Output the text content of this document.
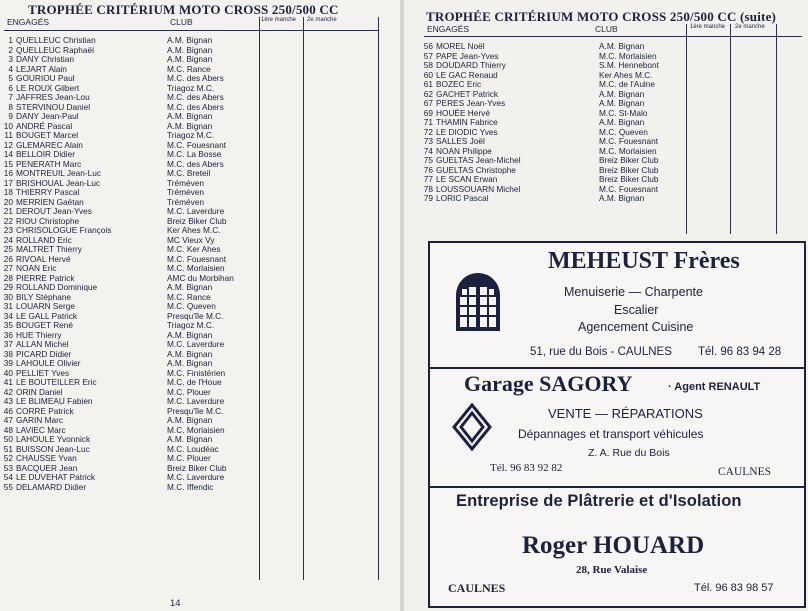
TROPHÉE CRITÉRIUM MOTO CROSS 250/500 CC
ENGAGÉS	CLUB	1ère manche 2e manche
1 QUELLEUC Christian	A.M. Bignan
2 QUELLEUC Raphaël	A.M. Bignan
3 DANY Christian	A.M. Bignan
4 LEJART Alain	M.C. Rance
5 GOURIOU Paul	M.C. des Abers
6 LE ROUX Gilbert	Triagoz M.C.
7 JAFFRES Jean-Lou	M.C. des Abers
8 STERVINOU Daniel	M.C. des Abers
9 DANY Jean-Paul	A.M. Bignan
10 ANDRÉ Pascal	A.M. Bignan
11 BOUGET Marcel	Triagoz M.C.
12 GLEMAREC Alain	M.C. Fouesnant
14 BELLOIR Didier	M.C. La Bosse
15 PENERATH Marc	M.C. des Abers
16 MONTREUIL Jean-Luc	M.C. Breteil
17 BRISHOUAL Jean-Luc	Tréméven
18 THIERRY Pascal	Tréméven
20 MERRIEN Gaëtan	Tréméven
21 DEROUT Jean-Yves	M.C. Laverdure
22 RIOU Christophe	Breiz Biker Club
23 CHRISOLOGUE François	Ker Ahes M.C.
24 ROLLAND Eric	MC Vieux Vy
25 MALTRET Thierry	M.C. Ker Ahes
26 RIVOAL Hervé	M.C. Fouesnant
27 NOAN Eric	M.C. Morlaisien
28 PIERRE Patrick	AMC du Morbihan
29 ROLLAND Dominique	A.M. Bignan
30 BILY Stéphane	M.C. Rance
31 LOUARN Serge	M.C. Queven
34 LE GALL Patrick	Presqu'île M.C.
35 BOUGET René	Triagoz M.C.
36 HUE Thierry	A.M. Bignan
37 ALLAN Michel	M.C. Laverdure
38 PICARD Didier	A.M. Bignan
39 LAHOULE Olivier	A.M. Bignan
40 PELLIET Yves	M.C. Finistérien
41 LE BOUTEILLER Eric	M.C. de l'Houe
42 ORIN Daniel	M.C. Plouer
43 LE BLIMEAU Fabien	M.C. Laverdure
46 CORRE Patrick	Presqu'île M.C.
47 GARIN Marc	A.M. Bignan
48 LAVIEC Marc	M.C. Morlaisien
50 LAHOULE Yvonnick	A.M. Bignan
51 BUISSON Jean-Luc	M.C. Loudéac
52 CHAUSSE Yvan	M.C. Plouer
53 BACQUER Jean	Breiz Biker Club
54 LE DUVEHAT Patrick	M.C. Laverdure
55 DELAMARD Didier	M.C. Iffendic
14
TROPHÉE CRITÉRIUM MOTO CROSS 250/500 CC (suite)
ENGAGÉS	CLUB	1ère manche 2e manche
56 MOREL Noël	A.M. Bignan
57 PAPE Jean-Yves	M.C. Morlaisien
58 DOUDARD Thierry	S.M. Hennebont
60 LE GAC Renaud	Ker Ahes M.C.
61 BOZEC Eric	M.C. de l'Aulne
62 GACHET Patrick	A.M. Bignan
67 PERES Jean-Yves	A.M. Bignan
69 HOUÉE Hervé	M.C. St-Malo
71 THAMIN Fabrice	A.M. Bignan
72 LE DIODIC Yves	M.C. Queven
73 SALLES Joël	M.C. Fouesnant
74 NOAN Philippe	M.C. Morlaisien
75 GUELTAS Jean-Michel	Breiz Biker Club
76 GUELTAS Christophe	Breiz Biker Club
77 LE SCAN Erwan	Breiz Biker Club
78 LOUSSOUARN Michel	M.C. Fouesnant
79 LORIC Pascal	A.M. Bignan
MEHEUST Frères
Menuiserie — Charpente
Escalier
Agencement Cuisine
51, rue du Bois - CAULNES Tél. 96 83 94 28
Garage SAGORY	· Agent RENAULT
VENTE — RÉPARATIONS
Dépannages et transport véhicules
Z. A. Rue du Bois
Tél. 96 83 92 82	CAULNES
Entreprise de Plâtrerie et d'Isolation
Roger HOUARD
28, Rue Valaise
CAULNES	Tél. 96 83 98 57
